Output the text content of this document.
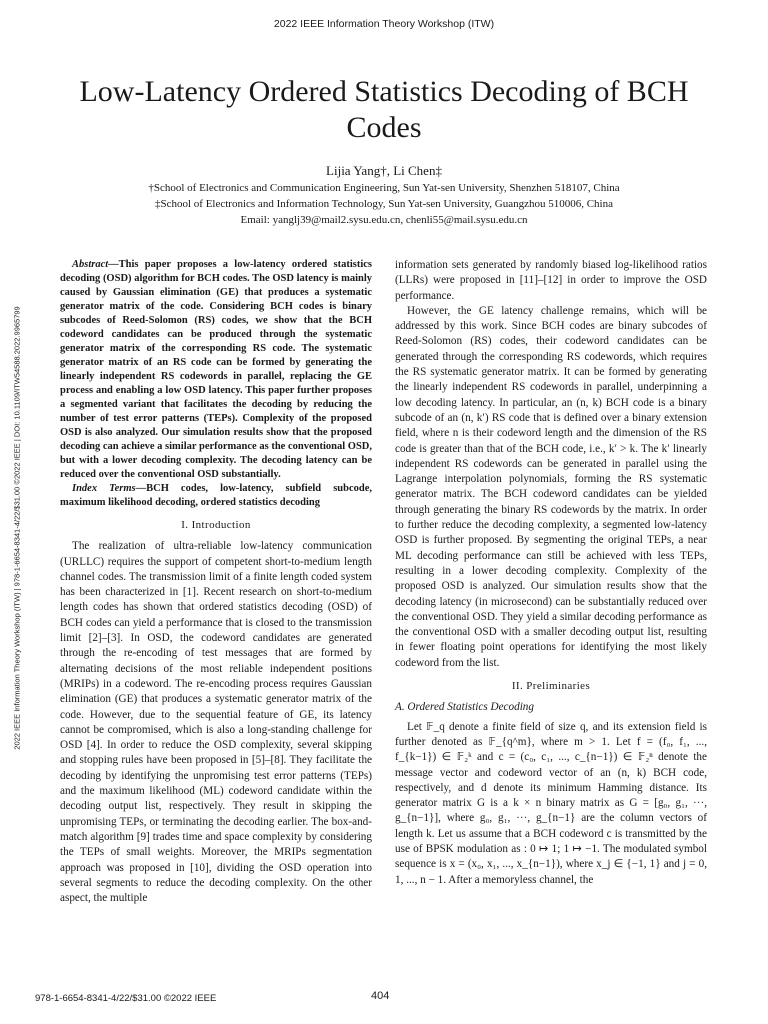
2022 IEEE Information Theory Workshop (ITW)
Low-Latency Ordered Statistics Decoding of BCH Codes
Lijia Yang†, Li Chen‡
†School of Electronics and Communication Engineering, Sun Yat-sen University, Shenzhen 518107, China
‡School of Electronics and Information Technology, Sun Yat-sen University, Guangzhou 510006, China
Email: yanglj39@mail2.sysu.edu.cn, chenli55@mail.sysu.edu.cn
2022 IEEE Information Theory Workshop (ITW) | 978-1-6654-8341-4/22/$31.00 ©2022 IEEE | DOI: 10.1109/ITW54588.2022.9965799

Abstract—This paper proposes a low-latency ordered statistics decoding (OSD) algorithm for BCH codes. The OSD latency is mainly caused by Gaussian elimination (GE) that produces a systematic generator matrix of the code. Considering BCH codes is binary subcodes of Reed-Solomon (RS) codes, we show that the BCH codeword candidates can be produced through the systematic generator matrix of the corresponding RS code. The systematic generator matrix of an RS code can be formed by generating the linearly independent RS codewords in parallel, replacing the GE process and enabling a low OSD latency. This paper further proposes a segmented variant that facilitates the decoding by reducing the number of test error patterns (TEPs). Complexity of the proposed OSD is also analyzed. Our simulation results show that the proposed decoding can achieve a similar performance as the conventional OSD, but with a lower decoding complexity. The decoding latency can be reduced over the conventional OSD substantially.

Index Terms—BCH codes, low-latency, subfield subcode, maximum likelihood decoding, ordered statistics decoding

I. Introduction

The realization of ultra-reliable low-latency communication (URLLC) requires the support of competent short-to-medium length channel codes. The transmission limit of a finite length coded system has been characterized in [1]. Recent research on short-to-medium length codes has shown that ordered statistics decoding (OSD) of BCH codes can yield a performance that is closed to the transmission limit [2]–[3]. In OSD, the codeword candidates are generated through the re-encoding of test messages that are formed by alternating decisions of the most reliable independent positions (MRIPs) in a codeword. The re-encoding process requires Gaussian elimination (GE) that produces a systematic generator matrix of the code. However, due to the sequential feature of GE, its latency cannot be compromised, which is also a long-standing challenge for OSD [4]. In order to reduce the OSD complexity, several skipping and stopping rules have been proposed in [5]–[8]. They facilitate the decoding by identifying the unpromising test error patterns (TEPs) and the maximum likelihood (ML) codeword candidate within the decoding output list, respectively. They result in skipping the unpromising TEPs, or terminating the decoding earlier. The box-and-match algorithm [9] trades time and space complexity by considering the TEPs of small weights. Moreover, the MRIPs segmentation approach was proposed in [10], dividing the OSD operation into several segments to reduce the decoding complexity. On the other aspect, the multiple

information sets generated by randomly biased log-likelihood ratios (LLRs) were proposed in [11]–[12] in order to improve the OSD performance.

However, the GE latency challenge remains, which will be addressed by this work. Since BCH codes are binary subcodes of Reed-Solomon (RS) codes, their codeword candidates can be generated through the corresponding RS codewords, which requires the RS systematic generator matrix. It can be formed by generating the linearly independent RS codewords in parallel, underpinning a low decoding latency. In particular, an (n, k) BCH code is a binary subcode of an (n, k′) RS code that is defined over a binary extension field, where n is their codeword length and the dimension of the RS code is greater than that of the BCH code, i.e., k′ > k. The k′ linearly independent RS codewords can be generated in parallel using the Lagrange interpolation polynomials, forming the RS systematic generator matrix. The BCH codeword candidates can be yielded through generating the binary RS codewords by the matrix. In order to further reduce the decoding complexity, a segmented low-latency OSD is further proposed. By segmenting the original TEPs, a near ML decoding performance can still be achieved with less TEPs, resulting in a lower decoding complexity. Complexity of the proposed OSD is analyzed. Our simulation results show that the decoding latency (in microsecond) can be substantially reduced over the conventional OSD. They yield a similar decoding performance as the conventional OSD with a smaller decoding output list, resulting in fewer floating point operations for identifying the most likely codeword from the list.

II. Preliminaries

A. Ordered Statistics Decoding

Let 𝔽_q denote a finite field of size q, and its extension field is further denoted as 𝔽_{q^m}, where m > 1. Let f = (f₀, f₁, ..., f_{k−1}) ∈ 𝔽₂ᵏ and c = (c₀, c₁, ..., c_{n−1}) ∈ 𝔽₂ⁿ denote the message vector and codeword vector of an (n, k) BCH code, respectively, and d denote its minimum Hamming distance. Its generator matrix G is a k × n binary matrix as G = [g₀, g₁, ···, g_{n−1}], where g₀, g₁, ···, g_{n−1} are the column vectors of length k. Let us assume that a BCH codeword c is transmitted by the use of BPSK modulation as : 0 ↦ 1; 1 ↦ −1. The modulated symbol sequence is x = (x₀, x₁, ..., x_{n−1}), where x_j ∈ {−1, 1} and j = 0, 1, ..., n − 1. After a memoryless channel, the

978-1-6654-8341-4/22/$31.00 ©2022 IEEE	404
